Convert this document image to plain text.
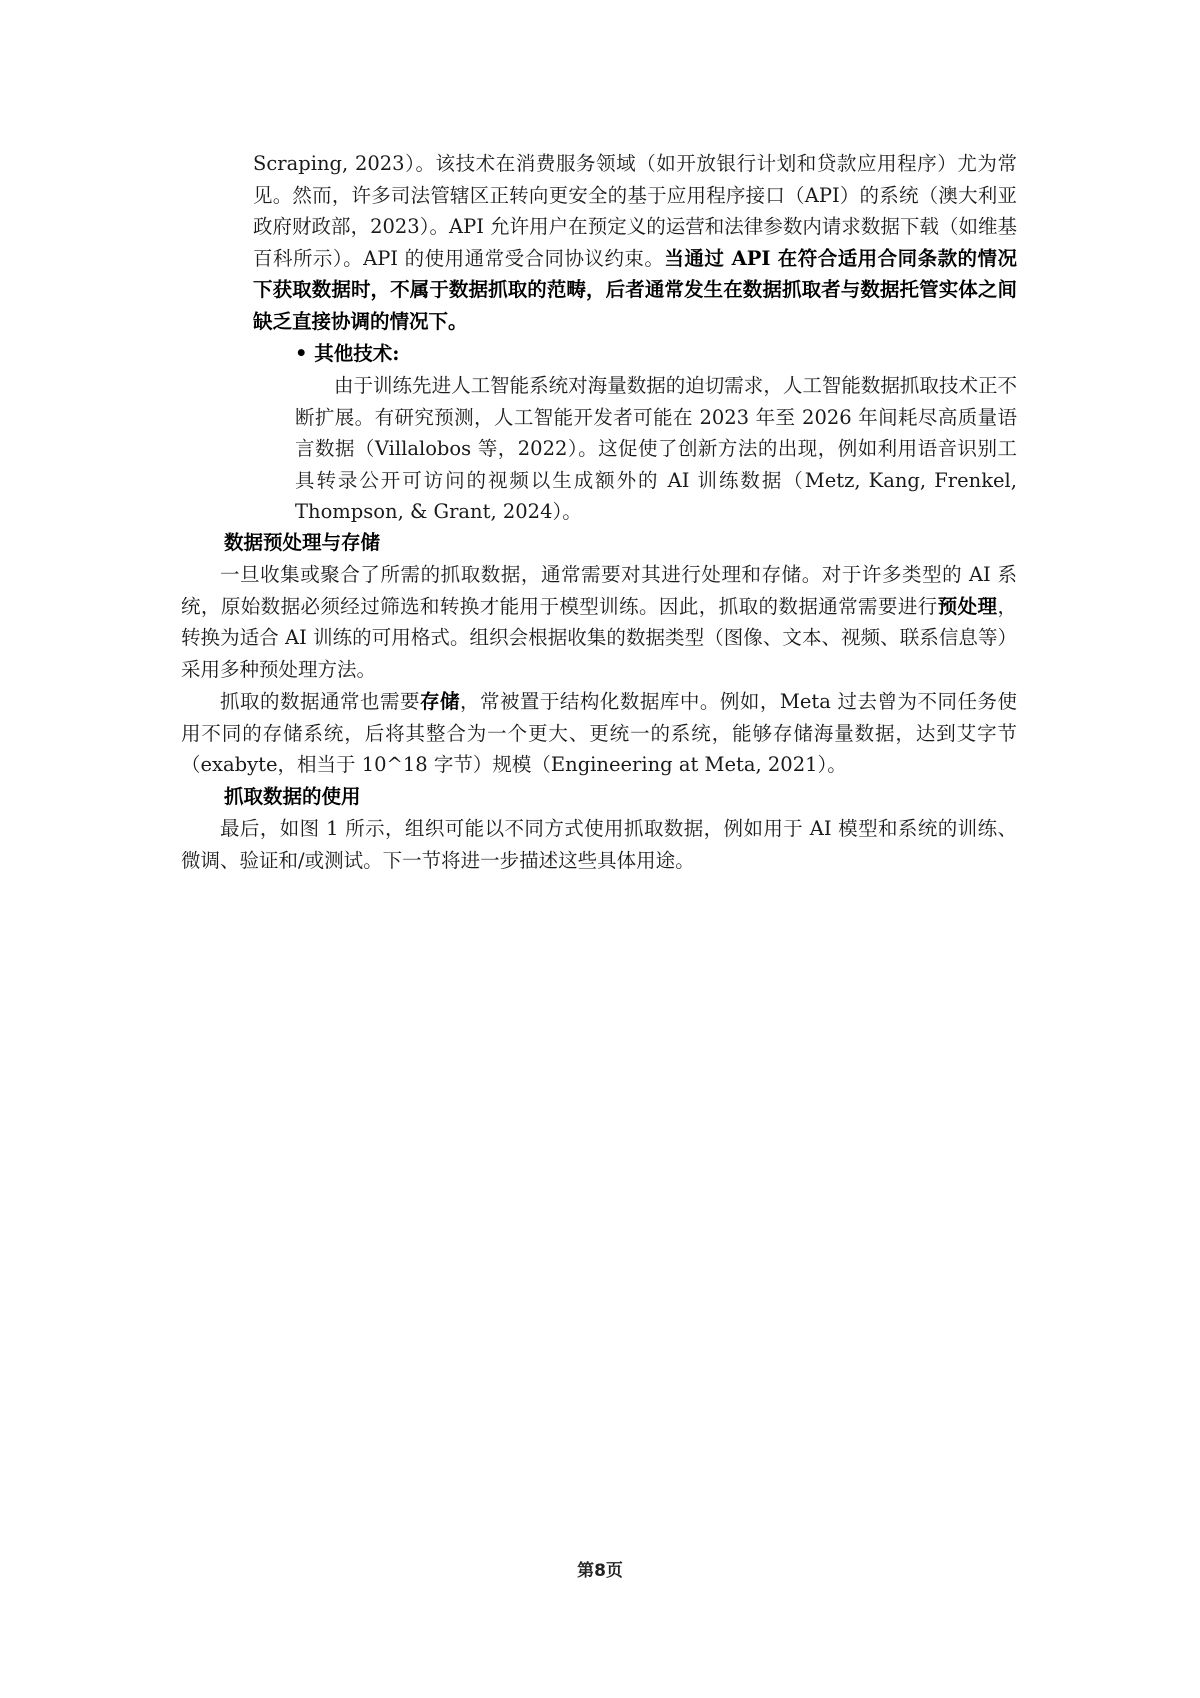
Scraping, 2023）。该技术在消费服务领域（如开放银行计划和贷款应用程序）尤为常见。然而，许多司法管辖区正转向更安全的基于应用程序接口（API）的系统（澳大利亚政府财政部，2023）。API 允许用户在预定义的运营和法律参数内请求数据下载（如维基百科所示）。API 的使用通常受合同协议约束。当通过 API 在符合适用合同条款的情况下获取数据时，不属于数据抓取的范畴，后者通常发生在数据抓取者与数据托管实体之间缺乏直接协调的情况下。

• 其他技术:

由于训练先进人工智能系统对海量数据的迫切需求，人工智能数据抓取技术正不断扩展。有研究预测，人工智能开发者可能在 2023 年至 2026 年间耗尽高质量语言数据（Villalobos 等，2022）。这促使了创新方法的出现，例如利用语音识别工具转录公开可访问的视频以生成额外的 AI 训练数据（Metz, Kang, Frenkel, Thompson, & Grant, 2024）。

数据预处理与存储

一旦收集或聚合了所需的抓取数据，通常需要对其进行处理和存储。对于许多类型的 AI 系统，原始数据必须经过筛选和转换才能用于模型训练。因此，抓取的数据通常需要进行预处理，转换为适合 AI 训练的可用格式。组织会根据收集的数据类型（图像、文本、视频、联系信息等）采用多种预处理方法。

抓取的数据通常也需要存储，常被置于结构化数据库中。例如，Meta 过去曾为不同任务使用不同的存储系统，后将其整合为一个更大、更统一的系统，能够存储海量数据，达到艾字节（exabyte，相当于 10^18 字节）规模（Engineering at Meta, 2021）。

抓取数据的使用

最后，如图 1 所示，组织可能以不同方式使用抓取数据，例如用于 AI 模型和系统的训练、微调、验证和/或测试。下一节将进一步描述这些具体用途。

第8页
